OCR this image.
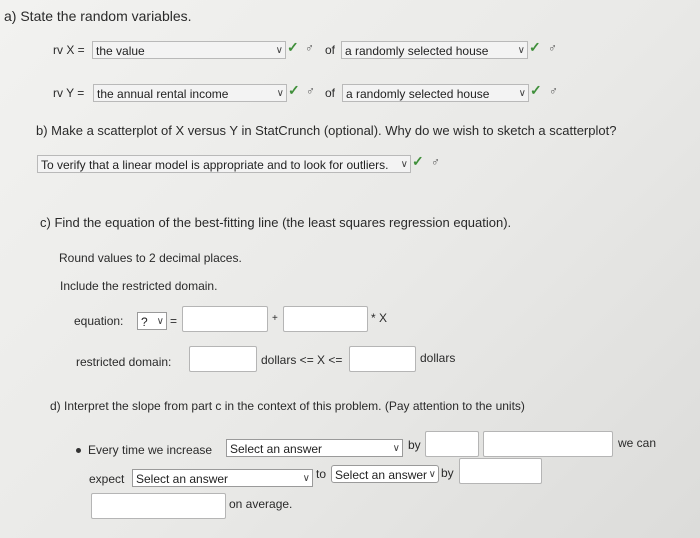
a) State the random variables.
rv X = the value	∨ ✓ ♂ of a randomly selected house	∨ ✓ ♂
rv Y =	the annual rental income	∨ ✓ ♂ of a randomly selected house	∨ ✓ ♂
b) Make a scatterplot of X versus Y in StatCrunch (optional). Why do we wish to sketch a scatterplot?
To verify that a linear model is appropriate and to look for outliers. ∨ ✓ ♂
c) Find the equation of the best-fitting line (the least squares regression equation).
Round values to 2 decimal places.
Include the restricted domain.
equation:	? ∨ =	+	* X
restricted domain:	dollars <= X <=	dollars
d) Interpret the slope from part c in the context of this problem. (Pay attention to the units)
Every time we increase	Select an answer	∨ by	we can
expect Select an answer	∨ to Select an answer ∨ by
on average.
